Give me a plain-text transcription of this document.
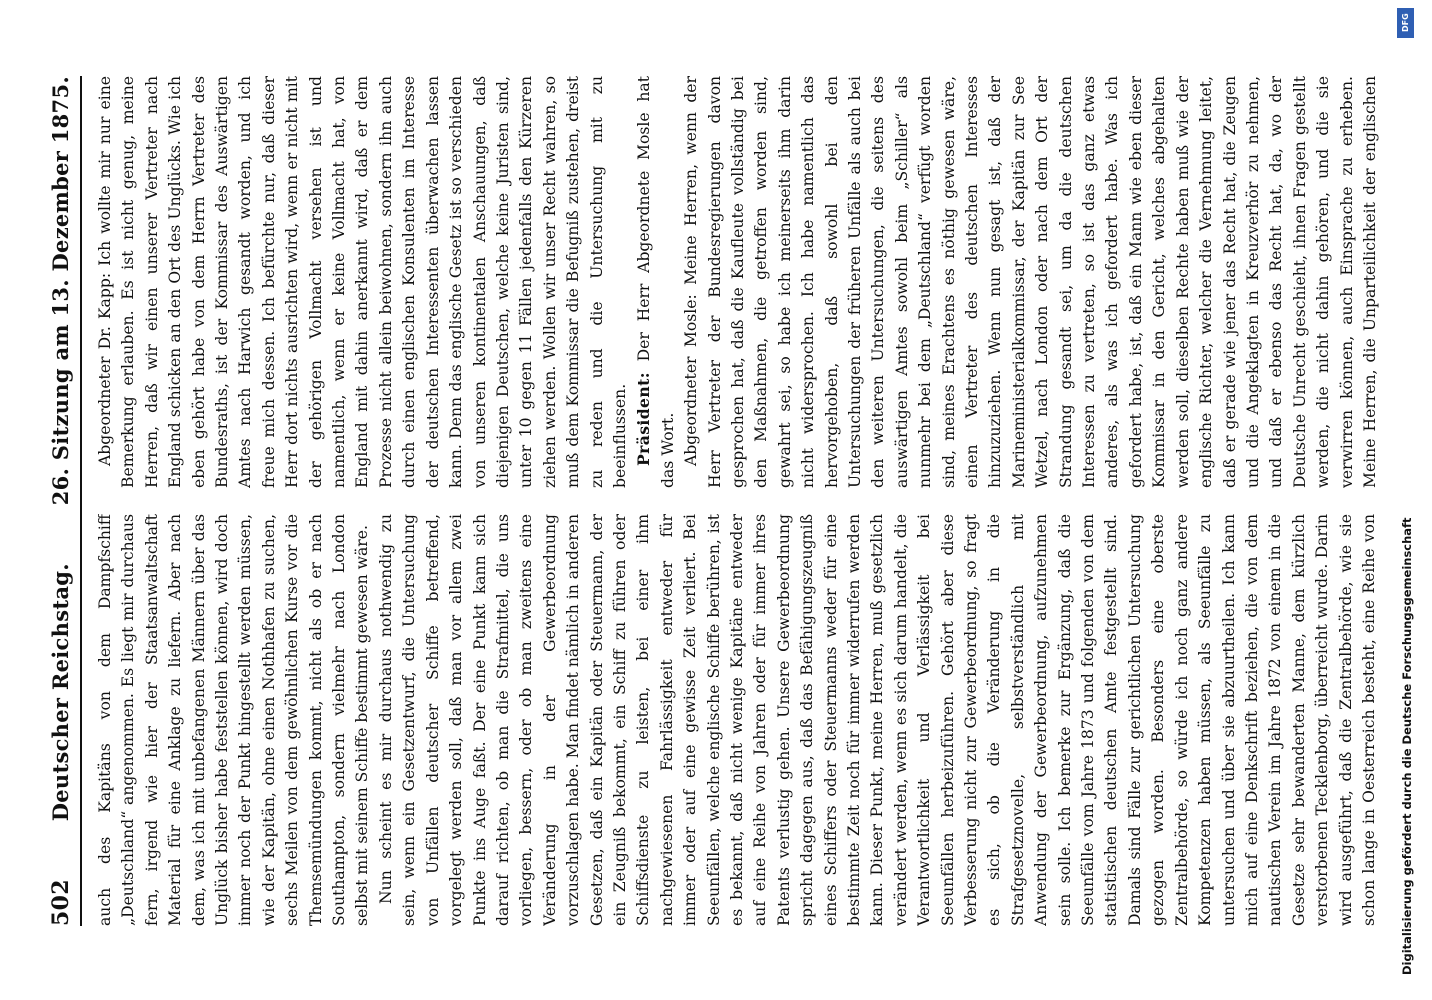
502
Deutscher Reichstag.
26. Sitzung am 13. Dezember 1875.

auch des Kapitäns von dem Dampfschiff „Deutschland“ angenommen. Es liegt mir durchaus fern, irgend wie hier der Staatsanwaltschaft Material für eine Anklage zu liefern. Aber nach dem, was ich mit unbefangenen Männern über das Unglück bisher habe feststellen können, wird doch immer noch der Punkt hingestellt werden müssen, wie der Kapitän, ohne einen Nothhafen zu suchen, sechs Meilen von dem gewöhnlichen Kurse vor die Themsemündungen kommt, nicht als ob er nach Southampton, sondern vielmehr nach London selbst mit seinem Schiffe bestimmt gewesen wäre. Nun scheint es mir durchaus nothwendig zu sein, wenn ein Gesetzentwurf, die Untersuchung von Unfällen deutscher Schiffe betreffend, vorgelegt werden soll, daß man vor allem zwei Punkte ins Auge faßt. Der eine Punkt kann sich darauf richten, ob man die Strafmittel, die uns vorliegen, bessern, oder ob man zweitens eine Veränderung in der Gewerbeordnung vorzuschlagen habe. Man findet nämlich in anderen Gesetzen, daß ein Kapitän oder Steuermann, der ein Zeugniß bekommt, ein Schiff zu führen oder Schiffsdienste zu leisten, bei einer ihm nachgewiesenen Fahrlässigkeit entweder für immer oder auf eine gewisse Zeit verliert. Bei Seeunfällen, welche englische Schiffe berühren, ist es bekannt, daß nicht wenige Kapitäne entweder auf eine Reihe von Jahren oder für immer ihres Patents verlustig gehen. Unsere Gewerbeordnung spricht dagegen aus, daß das Befähigungszeugniß eines Schiffers oder Steuermanns weder für eine bestimmte Zeit noch für immer widerrufen werden kann. Dieser Punkt, meine Herren, muß gesetzlich verändert werden, wenn es sich darum handelt, die Verantwortlichkeit und Verlässigkeit bei Seeunfällen herbeizuführen. Gehört aber diese Verbesserung nicht zur Gewerbeordnung, so fragt es sich, ob die Veränderung in die Strafgesetznovelle, selbstverständlich mit Anwendung der Gewerbeordnung, aufzunehmen sein solle. Ich bemerke zur Ergänzung, daß die Seeunfälle vom Jahre 1873 und folgenden von dem statistischen deutschen Amte festgestellt sind. Damals sind Fälle zur gerichtlichen Untersuchung gezogen worden. Besonders eine oberste Zentralbehörde, so würde ich noch ganz andere Kompetenzen haben müssen, als Seeunfälle zu untersuchen und über sie abzuurtheilen. Ich kann mich auf eine Denkschrift beziehen, die von dem nautischen Verein im Jahre 1872 von einem in die Gesetze sehr bewanderten Manne, dem kürzlich verstorbenen Tecklenborg, überreicht wurde. Darin wird ausgeführt, daß die Zentralbehörde, wie sie schon lange in Oesterreich besteht, eine Reihe von

Abgeordneter Dr. Kapp: Ich wollte mir nur eine Bemerkung erlauben. Es ist nicht genug, meine Herren, daß wir einen unserer Vertreter nach England schicken an den Ort des Unglücks. Wie ich eben gehört habe von dem Herrn Vertreter des Bundesraths, ist der Kommissar des Auswärtigen Amtes nach Harwich gesandt worden, und ich freue mich dessen. Ich befürchte nur, daß dieser Herr dort nichts ausrichten wird, wenn er nicht mit der gehörigen Vollmacht versehen ist und namentlich, wenn er keine Vollmacht hat, von England mit dahin anerkannt wird, daß er dem Prozesse nicht allein beiwohnen, sondern ihn auch durch einen englischen Konsulenten im Interesse der deutschen Interessenten überwachen lassen kann. Denn das englische Gesetz ist so verschieden von unseren kontinentalen Anschauungen, daß diejenigen Deutschen, welche keine Juristen sind, unter 10 gegen 11 Fällen jedenfalls den Kürzeren ziehen werden. Wollen wir unser Recht wahren, so muß dem Kommissar die Befugniß zustehen, dreist zu reden und die Untersuchung mit zu beeinflussen. Präsident: Der Herr Abgeordnete Mosle hat das Wort. Abgeordneter Mosle: Meine Herren, wenn der Herr Vertreter der Bundesregierungen davon gesprochen hat, daß die Kaufleute vollständig bei den Maßnahmen, die getroffen worden sind, gewahrt sei, so habe ich meinerseits ihm darin nicht widersprochen. Ich habe namentlich das hervorgehoben, daß sowohl bei den Untersuchungen der früheren Unfälle als auch bei den weiteren Untersuchungen, die seitens des auswärtigen Amtes sowohl beim „Schiller“ als nunmehr bei dem „Deutschland“ verfügt worden sind, meines Erachtens es nöthig gewesen wäre, einen Vertreter des deutschen Interesses hinzuzuziehen. Wenn nun gesagt ist, daß der Marineministerialkommissar, der Kapitän zur See Wetzel, nach London oder nach dem Ort der Strandung gesandt sei, um da die deutschen Interessen zu vertreten, so ist das ganz etwas anderes, als was ich gefordert habe. Was ich gefordert habe, ist, daß ein Mann wie eben dieser Kommissar in den Gericht, welches abgehalten werden soll, dieselben Rechte haben muß wie der englische Richter, welcher die Vernehmung leitet, daß er gerade wie jener das Recht hat, die Zeugen und die Angeklagten in Kreuzverhör zu nehmen, und daß er ebenso das Recht hat, da, wo der Deutsche Unrecht geschieht, ihnen Fragen gestellt werden, die nicht dahin gehören, und die sie verwirren können, auch Einsprache zu erheben. Meine Herren, die Unparteilichkeit der englischen

DFG
Digitalisierung gefördert durch die Deutsche Forschungsgemeinschaft
